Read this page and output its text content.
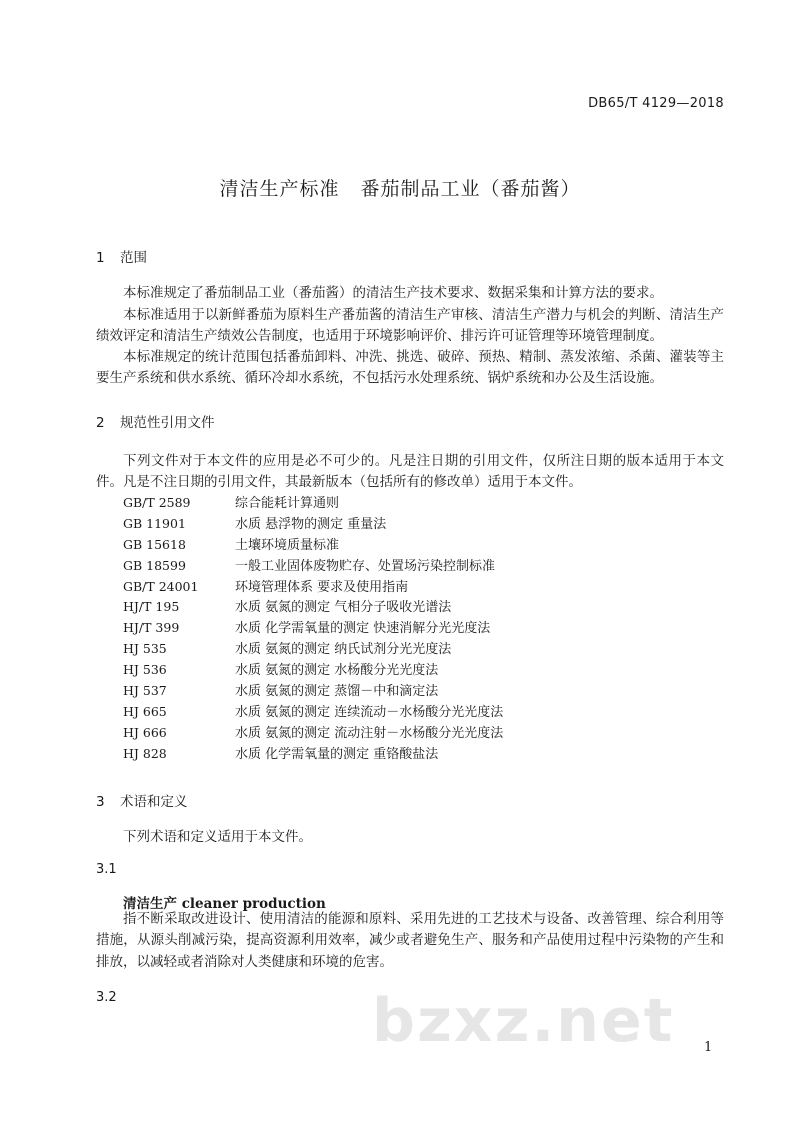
DB65/T 4129—2018
清洁生产标准   番茄制品工业（番茄酱）
1 范围

本标准规定了番茄制品工业（番茄酱）的清洁生产技术要求、数据采集和计算方法的要求。

本标准适用于以新鲜番茄为原料生产番茄酱的清洁生产审核、清洁生产潜力与机会的判断、清洁生产绩效评定和清洁生产绩效公告制度，也适用于环境影响评价、排污许可证管理等环境管理制度。

本标准规定的统计范围包括番茄卸料、冲洗、挑选、破碎、预热、精制、蒸发浓缩、杀菌、灌装等主要生产系统和供水系统、循环冷却水系统，不包括污水处理系统、锅炉系统和办公及生活设施。

2 规范性引用文件

下列文件对于本文件的应用是必不可少的。凡是注日期的引用文件，仅所注日期的版本适用于本文件。凡是不注日期的引用文件，其最新版本（包括所有的修改单）适用于本文件。

GB/T 2589	综合能耗计算通则
GB 11901	水质 悬浮物的测定 重量法
GB 15618	土壤环境质量标准
GB 18599	一般工业固体废物贮存、处置场污染控制标准
GB/T 24001	环境管理体系 要求及使用指南
HJ/T 195	水质 氨氮的测定 气相分子吸收光谱法
HJ/T 399	水质 化学需氧量的测定 快速消解分光光度法
HJ 535	水质 氨氮的测定 纳氏试剂分光光度法
HJ 536	水质 氨氮的测定 水杨酸分光光度法
HJ 537	水质 氨氮的测定 蒸馏－中和滴定法
HJ 665	水质 氨氮的测定 连续流动－水杨酸分光光度法
HJ 666	水质 氨氮的测定 流动注射－水杨酸分光光度法
HJ 828	水质 化学需氧量的测定 重铬酸盐法
3 术语和定义

下列术语和定义适用于本文件。

3.1
清洁生产 cleaner production

指不断采取改进设计、使用清洁的能源和原料、采用先进的工艺技术与设备、改善管理、综合利用等措施，从源头削减污染，提高资源利用效率，减少或者避免生产、服务和产品使用过程中污染物的产生和排放，以减轻或者消除对人类健康和环境的危害。

3.2	bzxz.net 1
